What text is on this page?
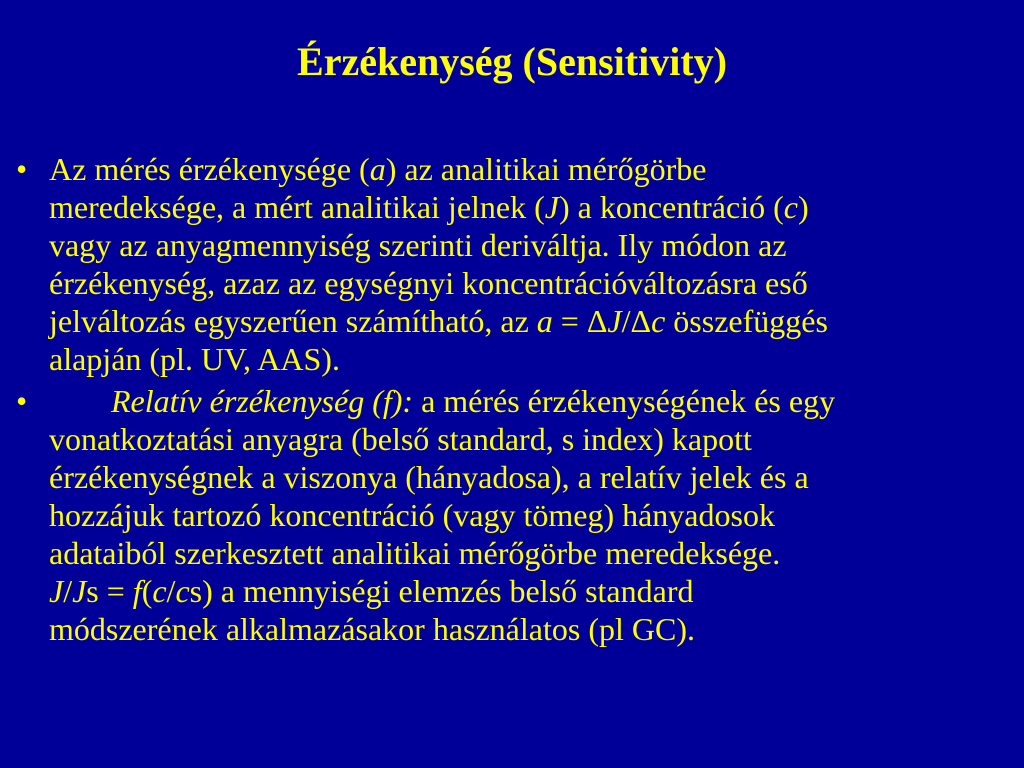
Érzékenység (Sensitivity)
• Az mérés érzékenysége (a) az analitikai mérőgörbe
meredeksége, a mért analitikai jelnek (J) a koncentráció (c)
vagy az anyagmennyiség szerinti deriváltja. Ily módon az
érzékenység, azaz az egységnyi koncentrációváltozásra eső
jelváltozás egyszerűen számítható, az a = ΔJ/Δc összefüggés
alapján (pl. UV, AAS).
•	Relatív érzékenység (f): a mérés érzékenységének és egy
vonatkoztatási anyagra (belső standard, s index) kapott
érzékenységnek a viszonya (hányadosa), a relatív jelek és a
hozzájuk tartozó koncentráció (vagy tömeg) hányadosok
adataiból szerkesztett analitikai mérőgörbe meredeksége.
J/Js = f(c/cs) a mennyiségi elemzés belső standard
módszerének alkalmazásakor használatos (pl GC).
